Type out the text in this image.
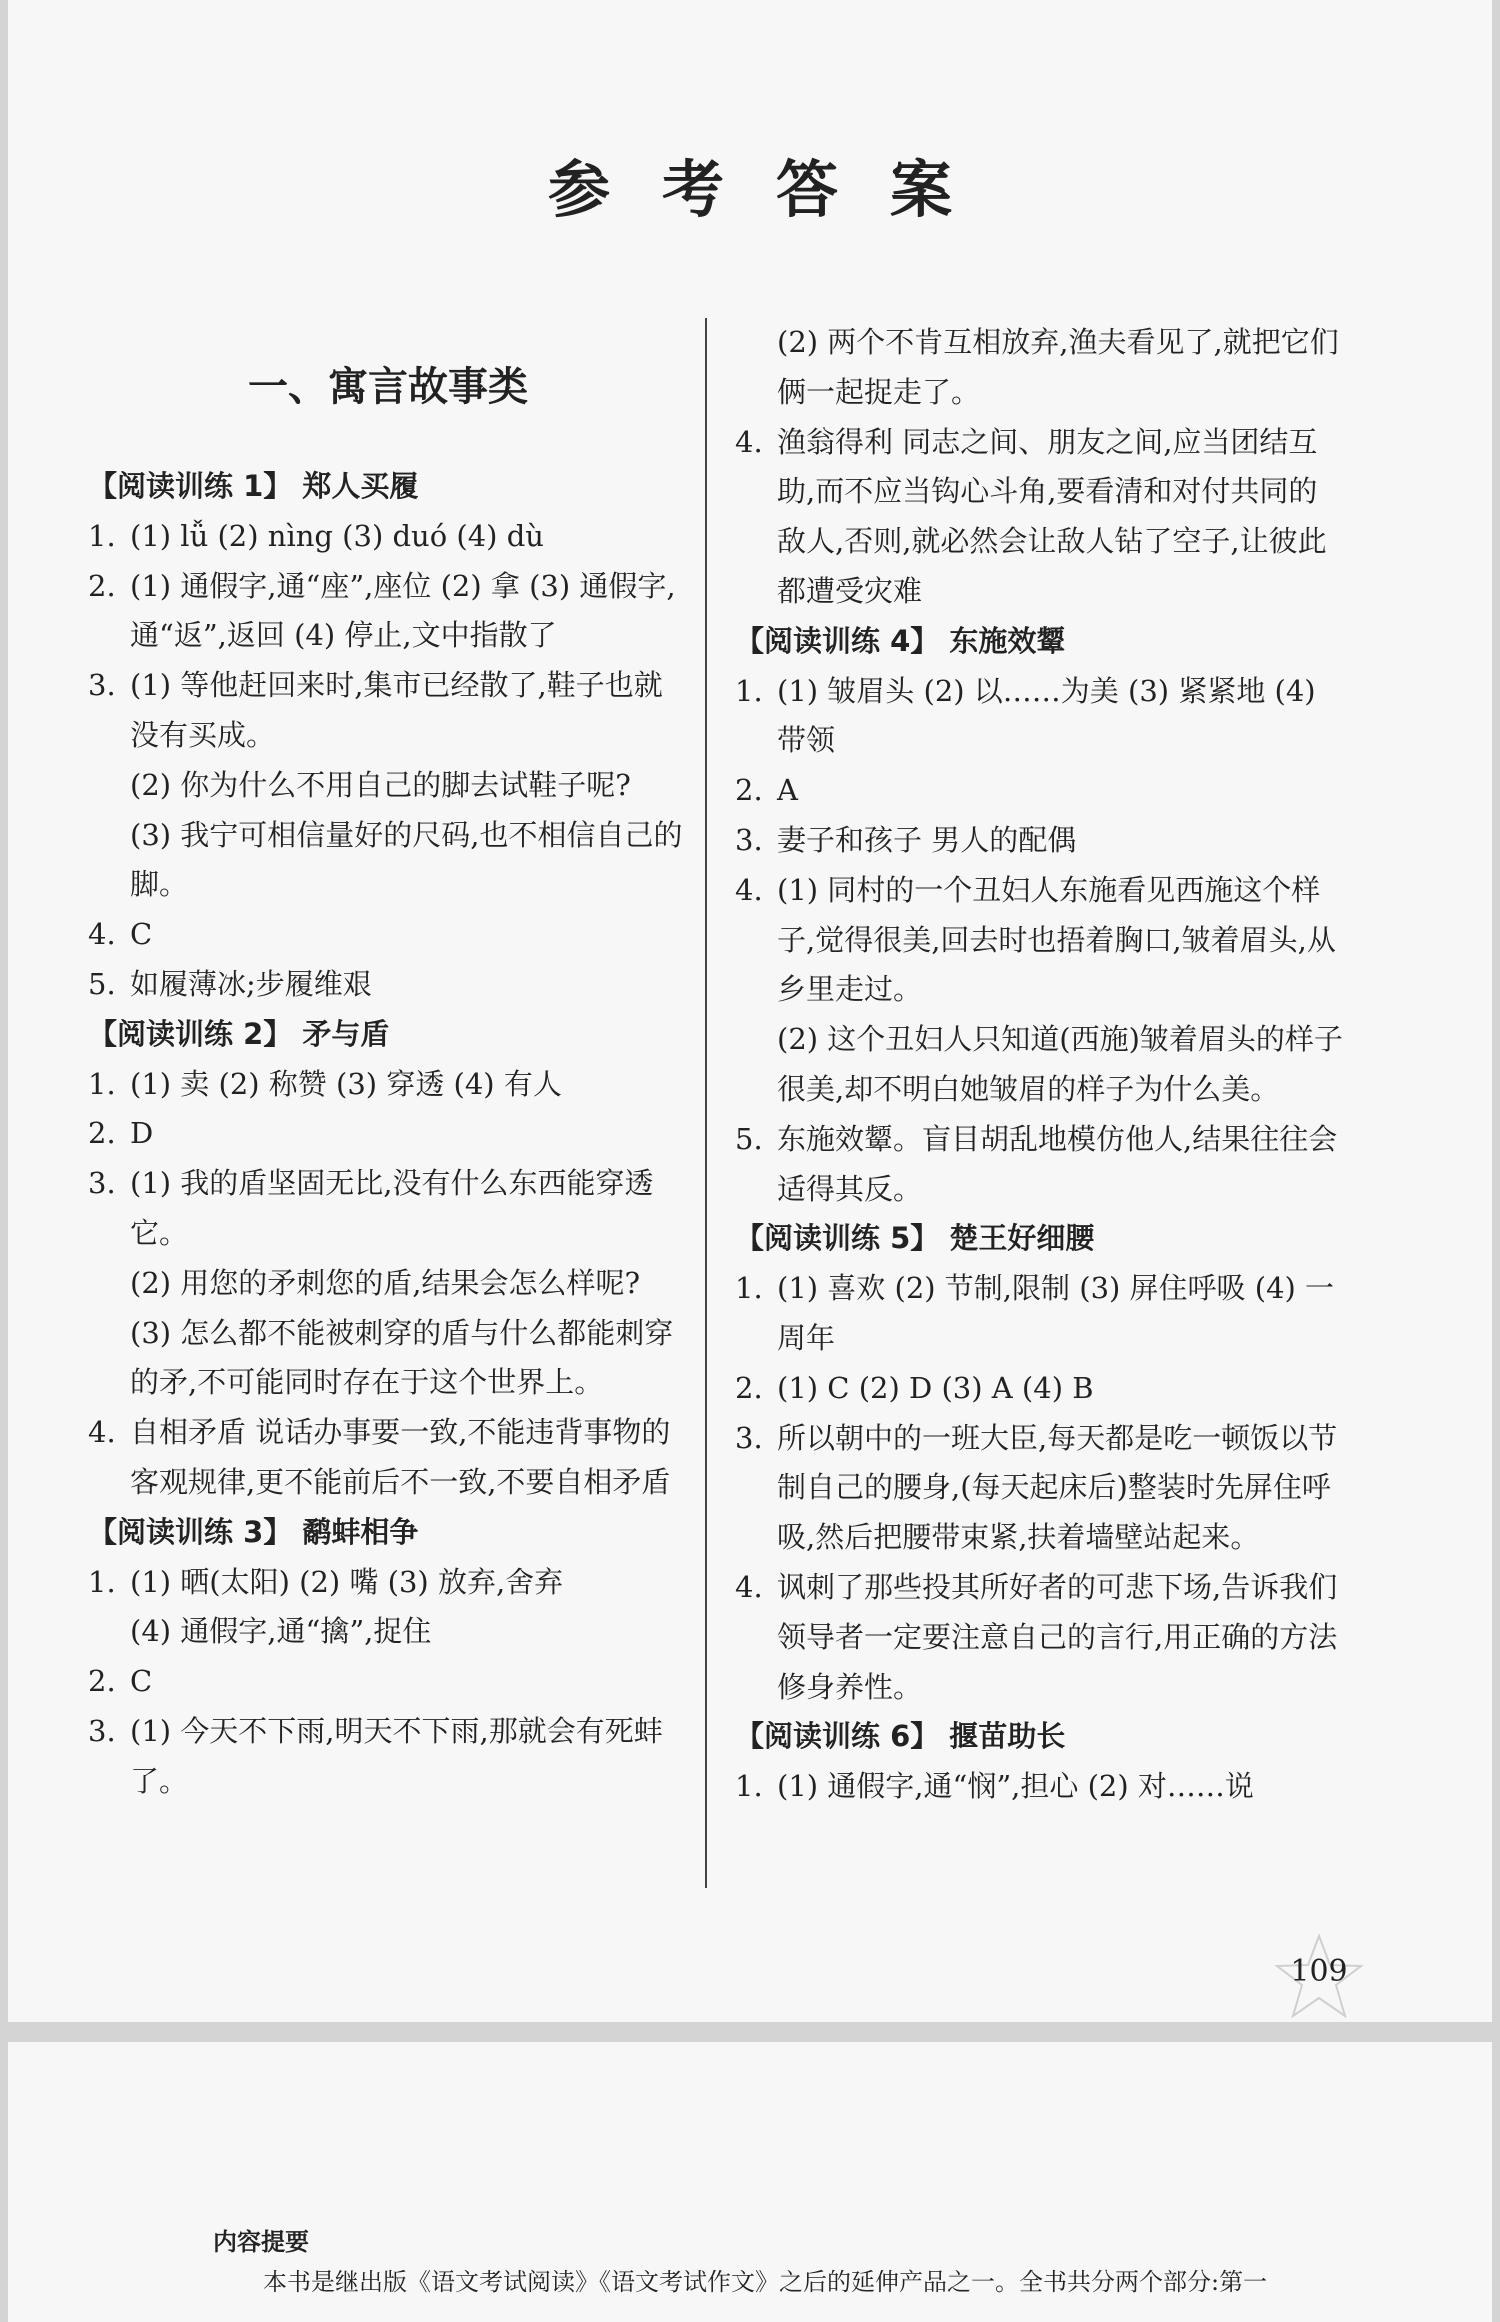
参考答案
一、寓言故事类
【阅读训练 1】 郑人买履
1. (1) lǚ (2) nìng (3) duó (4) dù
2. (1) 通假字,通“座”,座位 (2) 拿 (3) 通假字,通“返”,返回 (4) 停止,文中指散了
3. (1) 等他赶回来时,集市已经散了,鞋子也就没有买成。
(2) 你为什么不用自己的脚去试鞋子呢?
(3) 我宁可相信量好的尺码,也不相信自己的脚。
4. C
5. 如履薄冰;步履维艰
【阅读训练 2】 矛与盾
1. (1) 卖 (2) 称赞 (3) 穿透 (4) 有人
2. D
3. (1) 我的盾坚固无比,没有什么东西能穿透它。
(2) 用您的矛刺您的盾,结果会怎么样呢?
(3) 怎么都不能被刺穿的盾与什么都能刺穿的矛,不可能同时存在于这个世界上。
4. 自相矛盾 说话办事要一致,不能违背事物的客观规律,更不能前后不一致,不要自相矛盾
【阅读训练 3】 鹬蚌相争
1. (1) 晒(太阳) (2) 嘴 (3) 放弃,舍弃
(4) 通假字,通“擒”,捉住
2. C
3. (1) 今天不下雨,明天不下雨,那就会有死蚌了。
(2) 两个不肯互相放弃,渔夫看见了,就把它们俩一起捉走了。
4. 渔翁得利 同志之间、朋友之间,应当团结互助,而不应当钩心斗角,要看清和对付共同的敌人,否则,就必然会让敌人钻了空子,让彼此都遭受灾难
【阅读训练 4】 东施效颦
1. (1) 皱眉头 (2) 以……为美 (3) 紧紧地 (4) 带领
2. A
3. 妻子和孩子 男人的配偶
4. (1) 同村的一个丑妇人东施看见西施这个样子,觉得很美,回去时也捂着胸口,皱着眉头,从乡里走过。
(2) 这个丑妇人只知道(西施)皱着眉头的样子很美,却不明白她皱眉的样子为什么美。
5. 东施效颦。盲目胡乱地模仿他人,结果往往会适得其反。
【阅读训练 5】 楚王好细腰
1. (1) 喜欢 (2) 节制,限制 (3) 屏住呼吸 (4) 一周年
2. (1) C (2) D (3) A (4) B
3. 所以朝中的一班大臣,每天都是吃一顿饭以节制自己的腰身,(每天起床后)整装时先屏住呼吸,然后把腰带束紧,扶着墙壁站起来。
4. 讽刺了那些投其所好者的可悲下场,告诉我们领导者一定要注意自己的言行,用正确的方法修身养性。
【阅读训练 6】 揠苗助长
1. (1) 通假字,通“悯”,担心 (2) 对……说
109
内容提要
本书是继出版《语文考试阅读》《语文考试作文》之后的延伸产品之一。全书共分两个部分:第一
